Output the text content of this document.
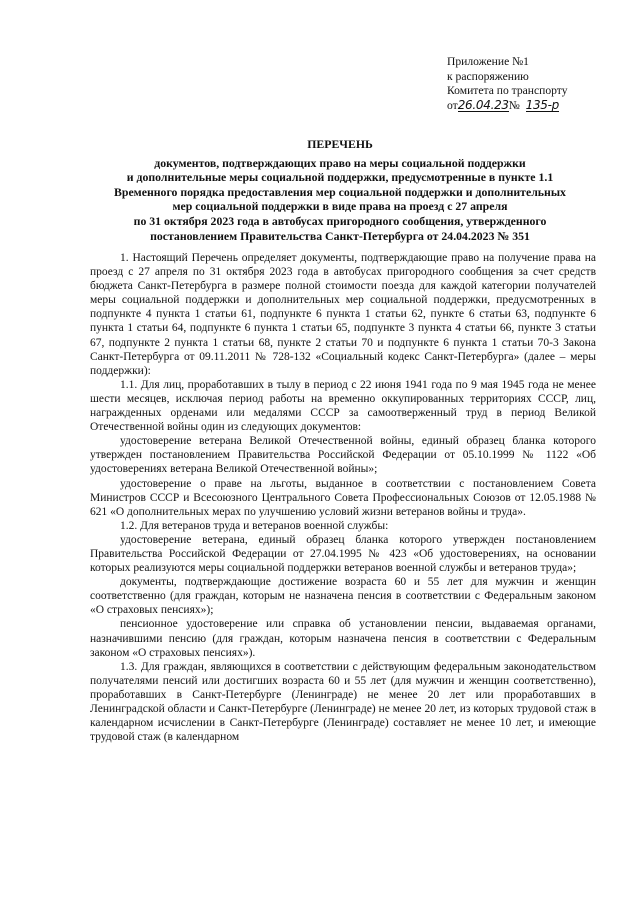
Приложение №1
к распоряжению
Комитета по транспорту
от26.04.23№ 135-р
ПЕРЕЧЕНЬ
документов, подтверждающих право на меры социальной поддержки
и дополнительные меры социальной поддержки, предусмотренные в пункте 1.1
Временного порядка предоставления мер социальной поддержки и дополнительных
мер социальной поддержки в виде права на проезд с 27 апреля
по 31 октября 2023 года в автобусах пригородного сообщения, утвержденного
постановлением Правительства Санкт-Петербурга от 24.04.2023 № 351

1. Настоящий Перечень определяет документы, подтверждающие право на получение права на проезд с 27 апреля по 31 октября 2023 года в автобусах пригородного сообщения за счет средств бюджета Санкт-Петербурга в размере полной стоимости поезда для каждой категории получателей меры социальной поддержки и дополнительных мер социальной поддержки, предусмотренных в подпункте 4 пункта 1 статьи 61, подпункте 6 пункта 1 статьи 62, пункте 6 статьи 63, подпункте 6 пункта 1 статьи 64, подпункте 6 пункта 1 статьи 65, подпункте 3 пункта 4 статьи 66, пункте 3 статьи 67, подпункте 2 пункта 1 статьи 68, пункте 2 статьи 70 и подпункте 6 пункта 1 статьи 70-3 Закона Санкт-Петербурга от 09.11.2011 № 728-132 «Социальный кодекс Санкт-Петербурга» (далее – меры поддержки):

1.1. Для лиц, проработавших в тылу в период с 22 июня 1941 года по 9 мая 1945 года не менее шести месяцев, исключая период работы на временно оккупированных территориях СССР, лиц, награжденных орденами или медалями СССР за самоотверженный труд в период Великой Отечественной войны один из следующих документов:

удостоверение ветерана Великой Отечественной войны, единый образец бланка которого утвержден постановлением Правительства Российской Федерации от 05.10.1999 № 1122 «Об удостоверениях ветерана Великой Отечественной войны»;

удостоверение о праве на льготы, выданное в соответствии с постановлением Совета Министров СССР и Всесоюзного Центрального Совета Профессиональных Союзов от 12.05.1988 № 621 «О дополнительных мерах по улучшению условий жизни ветеранов войны и труда».

1.2. Для ветеранов труда и ветеранов военной службы:

удостоверение ветерана, единый образец бланка которого утвержден постановлением Правительства Российской Федерации от 27.04.1995 № 423 «Об удостоверениях, на основании которых реализуются меры социальной поддержки ветеранов военной службы и ветеранов труда»;

документы, подтверждающие достижение возраста 60 и 55 лет для мужчин и женщин соответственно (для граждан, которым не назначена пенсия в соответствии с Федеральным законом «О страховых пенсиях»);

пенсионное удостоверение или справка об установлении пенсии, выдаваемая органами, назначившими пенсию (для граждан, которым назначена пенсия в соответствии с Федеральным законом «О страховых пенсиях»).

1.3. Для граждан, являющихся в соответствии с действующим федеральным законодательством получателями пенсий или достигших возраста 60 и 55 лет (для мужчин и женщин соответственно), проработавших в Санкт-Петербурге (Ленинграде) не менее 20 лет или проработавших в Ленинградской области и Санкт-Петербурге (Ленинграде) не менее 20 лет, из которых трудовой стаж в календарном исчислении в Санкт-Петербурге (Ленинграде) составляет не менее 10 лет, и имеющие трудовой стаж (в календарном
